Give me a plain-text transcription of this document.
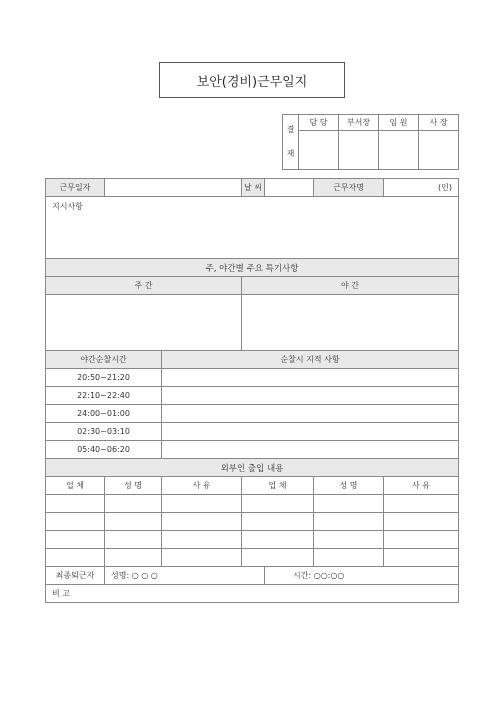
보안(경비)근무일지
결
재	담 당	부서장	임 원	사 장

근무일자			날 씨		근무자명	(인)
지시사항						
주, 야간별 주요 특기사항						
주 간			야 간			

야간순찰시간		순찰시 지적 사항				
20:50~21:20						
22:10~22:40						
24:00~01:00						
02:30~03:10						
05:40~06:20						
외부인 출입 내용						
업 체	성 명	사 유	업 체		성 명	사 유

최종퇴근자	성명: ○ ○ ○			시간: ○○:○○		
비 고						
